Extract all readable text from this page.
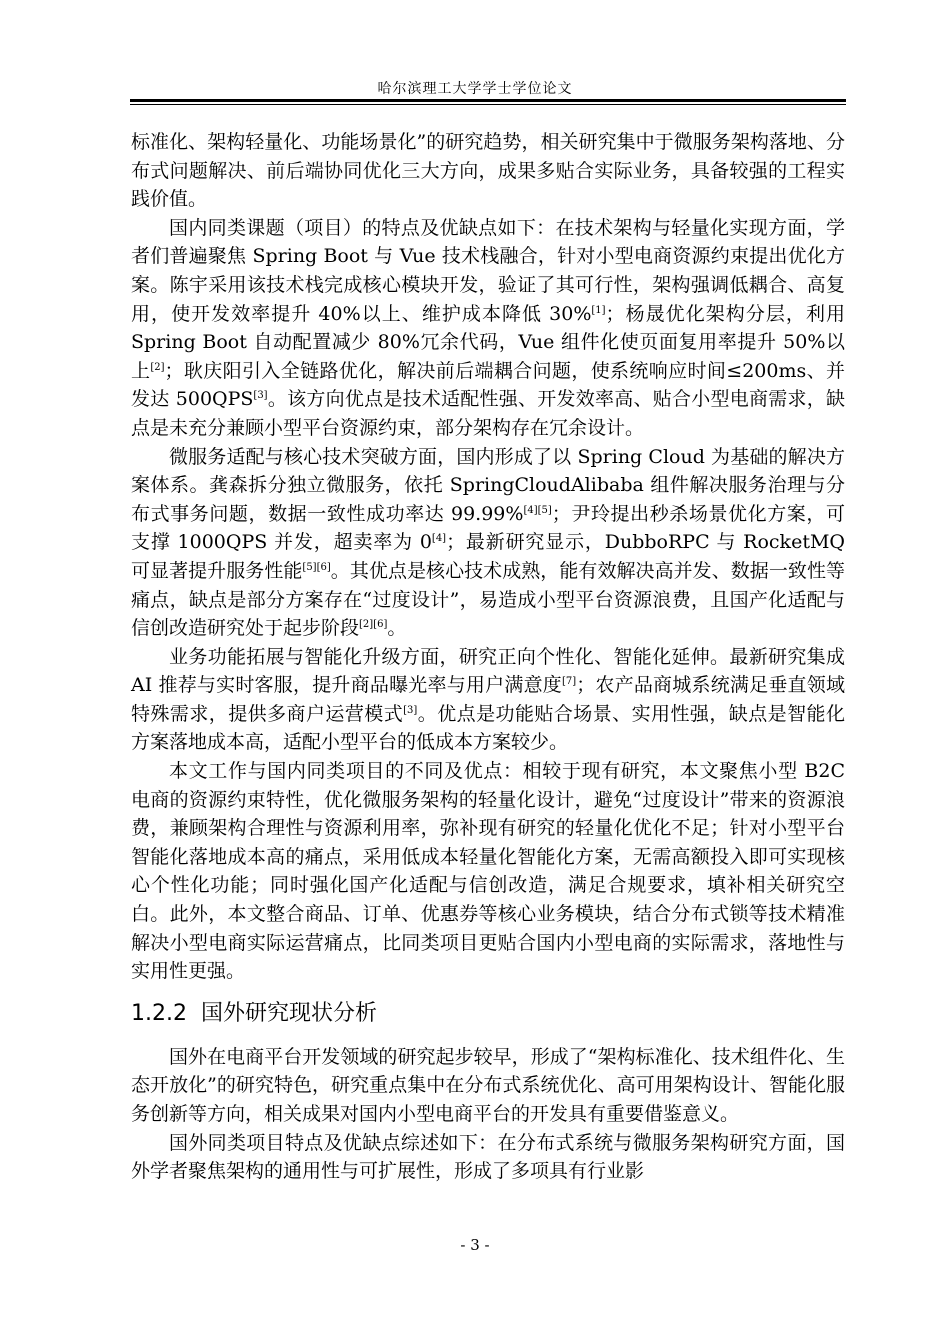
哈尔滨理工大学学士学位论文

标准化、架构轻量化、功能场景化”的研究趋势，相关研究集中于微服务架构落地、分布式问题解决、前后端协同优化三大方向，成果多贴合实际业务，具备较强的工程实践价值。

国内同类课题（项目）的特点及优缺点如下：在技术架构与轻量化实现方面，学者们普遍聚焦 Spring Boot 与 Vue 技术栈融合，针对小型电商资源约束提出优化方案。陈宇采用该技术栈完成核心模块开发，验证了其可行性，架构强调低耦合、高复用，使开发效率提升 40%以上、维护成本降低 30%[1]；杨晟优化架构分层，利用 Spring Boot 自动配置减少 80%冗余代码，Vue 组件化使页面复用率提升 50%以上[2]；耿庆阳引入全链路优化，解决前后端耦合问题，使系统响应时间≤200ms、并发达 500QPS[3]。该方向优点是技术适配性强、开发效率高、贴合小型电商需求，缺点是未充分兼顾小型平台资源约束，部分架构存在冗余设计。

微服务适配与核心技术突破方面，国内形成了以 Spring Cloud 为基础的解决方案体系。龚森拆分独立微服务，依托 SpringCloudAlibaba 组件解决服务治理与分布式事务问题，数据一致性成功率达 99.99%[4][5]；尹玲提出秒杀场景优化方案，可支撑 1000QPS 并发，超卖率为 0[4]；最新研究显示，DubboRPC 与 RocketMQ 可显著提升服务性能[5][6]。其优点是核心技术成熟，能有效解决高并发、数据一致性等痛点，缺点是部分方案存在“过度设计”，易造成小型平台资源浪费，且国产化适配与信创改造研究处于起步阶段[2][6]。

业务功能拓展与智能化升级方面，研究正向个性化、智能化延伸。最新研究集成 AI 推荐与实时客服，提升商品曝光率与用户满意度[7]；农产品商城系统满足垂直领域特殊需求，提供多商户运营模式[3]。优点是功能贴合场景、实用性强，缺点是智能化方案落地成本高，适配小型平台的低成本方案较少。

本文工作与国内同类项目的不同及优点：相较于现有研究，本文聚焦小型 B2C 电商的资源约束特性，优化微服务架构的轻量化设计，避免“过度设计”带来的资源浪费，兼顾架构合理性与资源利用率，弥补现有研究的轻量化优化不足；针对小型平台智能化落地成本高的痛点，采用低成本轻量化智能化方案，无需高额投入即可实现核心个性化功能；同时强化国产化适配与信创改造，满足合规要求，填补相关研究空白。此外，本文整合商品、订单、优惠券等核心业务模块，结合分布式锁等技术精准解决小型电商实际运营痛点，比同类项目更贴合国内小型电商的实际需求，落地性与实用性更强。

1.2.2 国外研究现状分析

国外在电商平台开发领域的研究起步较早，形成了“架构标准化、技术组件化、生态开放化”的研究特色，研究重点集中在分布式系统优化、高可用架构设计、智能化服务创新等方向，相关成果对国内小型电商平台的开发具有重要借鉴意义。

国外同类项目特点及优缺点综述如下：在分布式系统与微服务架构研究方面，国外学者聚焦架构的通用性与可扩展性，形成了多项具有行业影

- 3 -
